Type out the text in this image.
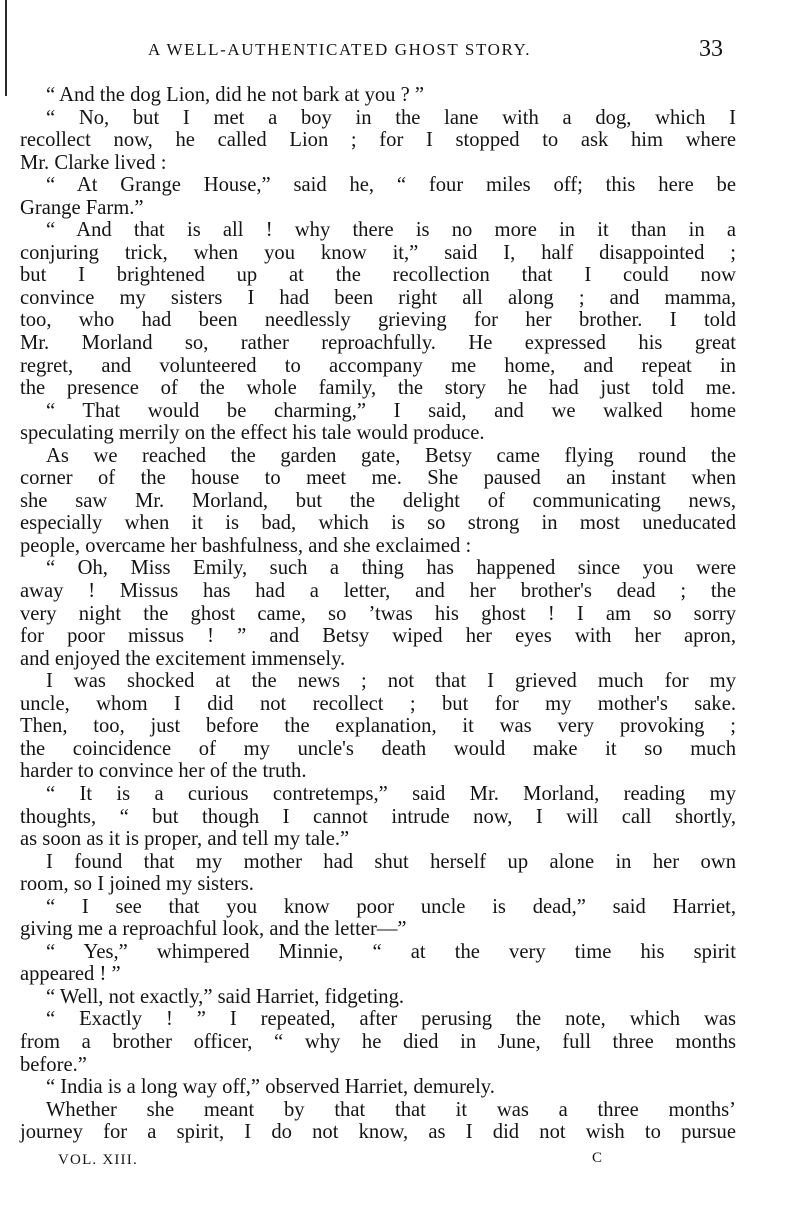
A WELL-AUTHENTICATED GHOST STORY.	33
“ And the dog Lion, did he not bark at you ? ”
“ No, but I met a boy in the lane with a dog, which I
recollect now, he called Lion ; for I stopped to ask him where
Mr. Clarke lived :
“ At Grange House,” said he, “ four miles off; this here be
Grange Farm.”
“ And that is all ! why there is no more in it than in a
conjuring trick, when you know it,” said I, half disappointed ;
but I brightened up at the recollection that I could now
convince my sisters I had been right all along ; and mamma,
too, who had been needlessly grieving for her brother. I told
Mr. Morland so, rather reproachfully. He expressed his great
regret, and volunteered to accompany me home, and repeat in
the presence of the whole family, the story he had just told me.
“ That would be charming,” I said, and we walked home
speculating merrily on the effect his tale would produce.
As we reached the garden gate, Betsy came flying round the
corner of the house to meet me. She paused an instant when
she saw Mr. Morland, but the delight of communicating news,
especially when it is bad, which is so strong in most uneducated
people, overcame her bashfulness, and she exclaimed :
“ Oh, Miss Emily, such a thing has happened since you were
away ! Missus has had a letter, and her brother's dead ; the
very night the ghost came, so ’twas his ghost ! I am so sorry
for poor missus ! ” and Betsy wiped her eyes with her apron,
and enjoyed the excitement immensely.
I was shocked at the news ; not that I grieved much for my
uncle, whom I did not recollect ; but for my mother's sake.
Then, too, just before the explanation, it was very provoking ;
the coincidence of my uncle's death would make it so much
harder to convince her of the truth.
“ It is a curious contretemps,” said Mr. Morland, reading my
thoughts, “ but though I cannot intrude now, I will call shortly,
as soon as it is proper, and tell my tale.”
I found that my mother had shut herself up alone in her own
room, so I joined my sisters.
“ I see that you know poor uncle is dead,” said Harriet,
giving me a reproachful look, and the letter—”
“ Yes,” whimpered Minnie, “ at the very time his spirit
appeared ! ”
“ Well, not exactly,” said Harriet, fidgeting.
“ Exactly ! ” I repeated, after perusing the note, which was
from a brother officer, “ why he died in June, full three months
before.”
“ India is a long way off,” observed Harriet, demurely.
Whether she meant by that that it was a three months’
journey for a spirit, I do not know, as I did not wish to pursue
VOL. XIII.	C
